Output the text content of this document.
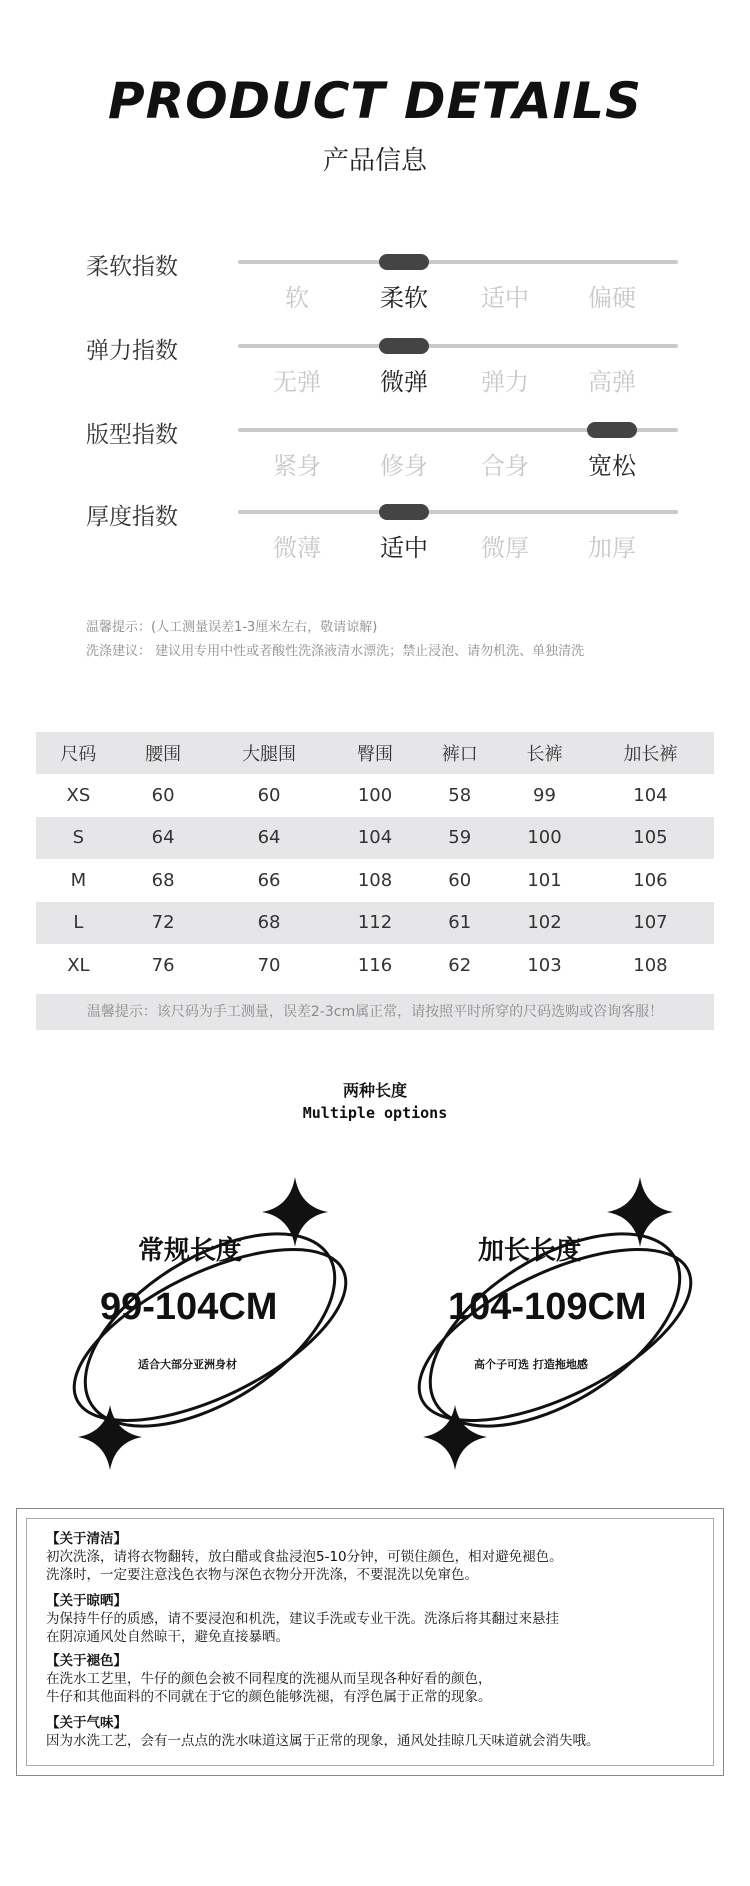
PRODUCT DETAILS
产品信息
柔软指数
软	柔软	适中	偏硬
弹力指数
无弹	微弹	弹力	高弹
版型指数
紧身	修身	合身	宽松
厚度指数
微薄	适中	微厚	加厚
温馨提示：(人工测量误差1-3厘米左右，敬请谅解)
洗涤建议： 建议用专用中性或者酸性洗涤液清水漂洗；禁止浸泡、请勿机洗、单独清洗
尺码	腰围	大腿围	臀围	裤口	长裤	加长裤
XS	60	60	100	58	99	104
S	64	64	104	59	100	105
M	68	66	108	60	101	106
L	72	68	112	61	102	107
XL	76	70	116	62	103	108
温馨提示：该尺码为手工测量，误差2-3cm属正常，请按照平时所穿的尺码选购或咨询客服！
两种长度
Multiple options
常规长度
99-104CM
适合大部分亚洲身材
加长长度
104-109CM
高个子可选 打造拖地感
【关于清洁】
初次洗涤，请将衣物翻转，放白醋或食盐浸泡5-10分钟，可锁住颜色，相对避免褪色。
洗涤时，一定要注意浅色衣物与深色衣物分开洗涤，不要混洗以免窜色。
【关于晾晒】
为保持牛仔的质感，请不要浸泡和机洗，建议手洗或专业干洗。洗涤后将其翻过来悬挂
在阴凉通风处自然晾干，避免直接暴晒。
【关于褪色】
在洗水工艺里，牛仔的颜色会被不同程度的洗褪从而呈现各种好看的颜色，
牛仔和其他面料的不同就在于它的颜色能够洗褪，有浮色属于正常的现象。
【关于气味】
因为水洗工艺，会有一点点的洗水味道这属于正常的现象，通风处挂晾几天味道就会消失哦。
